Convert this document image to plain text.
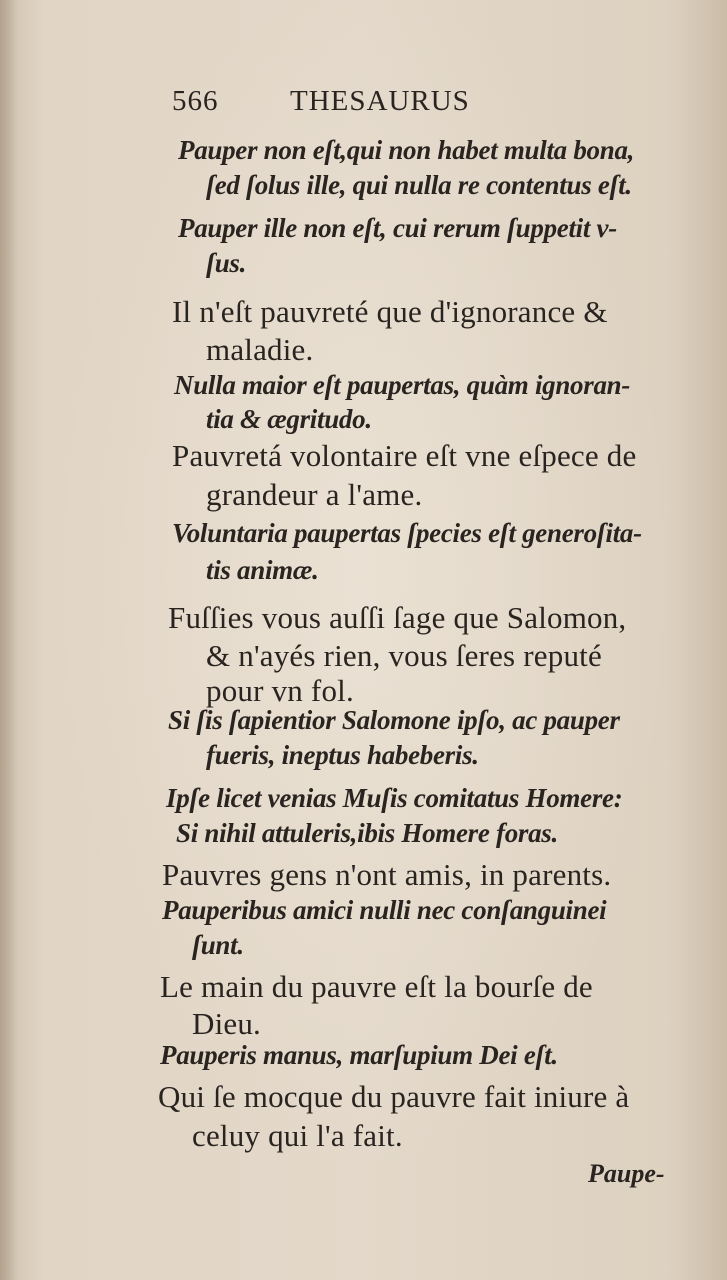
566 THESAURUS
Pauper non eſt,qui non habet multa bona,
ſed ſolus ille, qui nulla re contentus eſt.
Pauper ille non eſt, cui rerum ſuppetit v-
ſus.
Il n'eſt pauvreté que d'ignorance &
maladie.
Nulla maior eſt paupertas, quàm ignoran-
tia & ægritudo.
Pauvretá volontaire eſt vne eſpece de
grandeur a l'ame.
Voluntaria paupertas ſpecies eſt generoſita-
tis animæ.
Fuſſies vous auſſi ſage que Salomon,
& n'ayés rien, vous ſeres reputé
pour vn fol.
Si ſis ſapientior Salomone ipſo, ac pauper
fueris, ineptus habeberis.
Ipſe licet venias Muſis comitatus Homere:
Si nihil attuleris,ibis Homere foras.
Pauvres gens n'ont amis, in parents.
Pauperibus amici nulli nec conſanguinei
ſunt.
Le main du pauvre eſt la bourſe de
Dieu.
Pauperis manus, marſupium Dei eſt.
Qui ſe mocque du pauvre fait iniure à
celuy qui l'a fait.
Paupe-
